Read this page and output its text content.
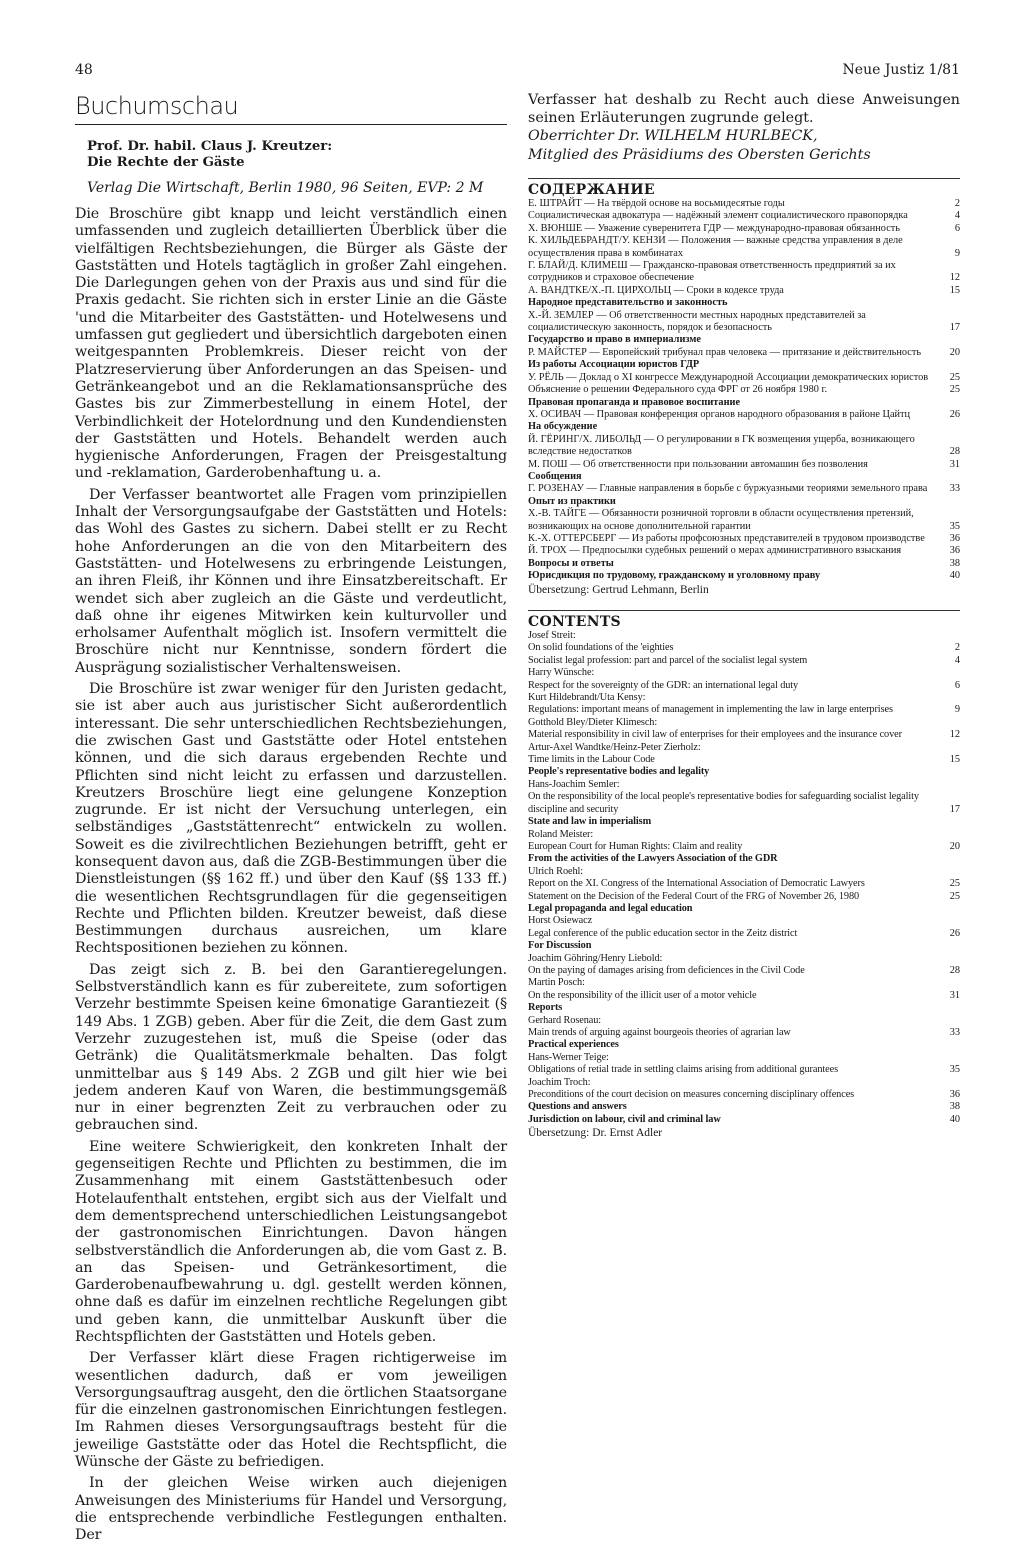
48	Neue Justiz 1/81
Buchumschau
Prof. Dr. habil. Claus J. Kreutzer:
Die Rechte der Gäste
Verlag Die Wirtschaft, Berlin 1980, 96 Seiten, EVP: 2 M

Die Broschüre gibt knapp und leicht verständlich einen umfassenden und zugleich detaillierten Überblick über die vielfältigen Rechtsbeziehungen, die Bürger als Gäste der Gaststätten und Hotels tagtäglich in großer Zahl eingehen. Die Darlegungen gehen von der Praxis aus und sind für die Praxis gedacht. Sie richten sich in erster Linie an die Gäste 'und die Mitarbeiter des Gaststätten- und Hotelwesens und umfassen gut gegliedert und übersichtlich dargeboten einen weitgespannten Problemkreis. Dieser reicht von der Platzreservierung über Anforderungen an das Speisen- und Getränkeangebot und an die Reklamationsansprüche des Gastes bis zur Zimmerbestellung in einem Hotel, der Verbindlichkeit der Hotelordnung und den Kundendiensten der Gaststätten und Hotels. Behandelt werden auch hygienische Anforderungen, Fragen der Preisgestaltung und -reklamation, Garderobenhaftung u. a.

Der Verfasser beantwortet alle Fragen vom prinzipiellen Inhalt der Versorgungsaufgabe der Gaststätten und Hotels: das Wohl des Gastes zu sichern. Dabei stellt er zu Recht hohe Anforderungen an die von den Mitarbeitern des Gaststätten- und Hotelwesens zu erbringende Leistungen, an ihren Fleiß, ihr Können und ihre Einsatzbereitschaft. Er wendet sich aber zugleich an die Gäste und verdeutlicht, daß ohne ihr eigenes Mitwirken kein kulturvoller und erholsamer Aufenthalt möglich ist. Insofern vermittelt die Broschüre nicht nur Kenntnisse, sondern fördert die Ausprägung sozialistischer Verhaltensweisen.

Die Broschüre ist zwar weniger für den Juristen gedacht, sie ist aber auch aus juristischer Sicht außerordentlich interessant. Die sehr unterschiedlichen Rechtsbeziehungen, die zwischen Gast und Gaststätte oder Hotel entstehen können, und die sich daraus ergebenden Rechte und Pflichten sind nicht leicht zu erfassen und darzustellen. Kreutzers Broschüre liegt eine gelungene Konzeption zugrunde. Er ist nicht der Versuchung unterlegen, ein selbständiges „Gaststättenrecht“ entwickeln zu wollen. Soweit es die zivilrechtlichen Beziehungen betrifft, geht er konsequent davon aus, daß die ZGB-Bestimmungen über die Dienstleistungen (§§ 162 ff.) und über den Kauf (§§ 133 ff.) die wesentlichen Rechtsgrundlagen für die gegenseitigen Rechte und Pflichten bilden. Kreutzer beweist, daß diese Bestimmungen durchaus ausreichen, um klare Rechtspositionen beziehen zu können.

Das zeigt sich z. B. bei den Garantieregelungen. Selbstverständlich kann es für zubereitete, zum sofortigen Verzehr bestimmte Speisen keine 6monatige Garantiezeit (§ 149 Abs. 1 ZGB) geben. Aber für die Zeit, die dem Gast zum Verzehr zuzugestehen ist, muß die Speise (oder das Getränk) die Qualitätsmerkmale behalten. Das folgt unmittelbar aus § 149 Abs. 2 ZGB und gilt hier wie bei jedem anderen Kauf von Waren, die bestimmungsgemäß nur in einer begrenzten Zeit zu verbrauchen oder zu gebrauchen sind.

Eine weitere Schwierigkeit, den konkreten Inhalt der gegenseitigen Rechte und Pflichten zu bestimmen, die im Zusammenhang mit einem Gaststättenbesuch oder Hotelaufenthalt entstehen, ergibt sich aus der Vielfalt und dem dementsprechend unterschiedlichen Leistungsangebot der gastronomischen Einrichtungen. Davon hängen selbstverständlich die Anforderungen ab, die vom Gast z. B. an das Speisen- und Getränkesortiment, die Garderobenaufbewahrung u. dgl. gestellt werden können, ohne daß es dafür im einzelnen rechtliche Regelungen gibt und geben kann, die unmittelbar Auskunft über die Rechtspflichten der Gaststätten und Hotels geben.

Der Verfasser klärt diese Fragen richtigerweise im wesentlichen dadurch, daß er vom jeweiligen Versorgungsauftrag ausgeht, den die örtlichen Staatsorgane für die einzelnen gastronomischen Einrichtungen festlegen. Im Rahmen dieses Versorgungsauftrags besteht für die jeweilige Gaststätte oder das Hotel die Rechtspflicht, die Wünsche der Gäste zu befriedigen.

In der gleichen Weise wirken auch diejenigen Anweisungen des Ministeriums für Handel und Versorgung, die entsprechende verbindliche Festlegungen enthalten. Der

Verfasser hat deshalb zu Recht auch diese Anweisungen seinen Erläuterungen zugrunde gelegt.

Oberrichter Dr. WILHELM HURLBECK,
Mitglied des Präsidiums des Obersten Gerichts
СОДЕРЖАНИЕ
Е. ШТРАЙТ — На твёрдой основе на восьмидесятые годы	2
Социалистическая адвокатура — надёжный элемент социалистического правопорядка	4
Х. ВЮНШЕ — Уважение суверенитета ГДР — международно-правовая обязанность	6
К. ХИЛЬДЕБРАНДТ/У. КЕНЗИ — Положения — важные средства управления в деле осуществления права в комбинатах	9
Г. БЛАЙ/Д. КЛИМЕШ — Гражданско-правовая ответственность предприятий за их сотрудников и страховое обеспечение	12
А. ВАНДТКЕ/Х.-П. ЦИРХОЛЬЦ — Сроки в кодексе труда	15
Народное представительство и законность
Х.-Й. ЗЕМЛЕР — Об ответственности местных народных представителей за социалистическую законность, порядок и безопасность	17
Государство и право в империализме
Р. МАЙСТЕР — Европейский трибунал прав человека — притязание и действительность	20
Из работы Ассоциации юристов ГДР
У. РЁЛЬ — Доклад о XI конгрессе Международной Ассоциации демократических юристов	25
Объяснение о решении Федерального суда ФРГ от 26 ноября 1980 г.	25
Правовая пропаганда и правовое воспитание
Х. ОСИВАЧ — Правовая конференция органов народного образования в районе Цайтц	26
На обсуждение
Й. ГЁРИНГ/Х. ЛИБОЛЬД — О регулировании в ГК возмещения ущерба, возникающего вследствие недостатков	28
М. ПОШ — Об ответственности при пользовании автомашин без позволения	31
Сообщения
Г. РОЗЕНАУ — Главные направления в борьбе с буржуазными теориями земельного права	33
Опыт из практики
Х.-В. ТАЙГЕ — Обязанности розничной торговли в области осуществления претензий, возникающих на основе дополнительной гарантии	35
К.-Х. ОТТЕРСБЕРГ — Из работы профсоюзных представителей в трудовом производстве	36
Й. ТРОХ — Предпосылки судебных решений о мерах административного взыскания	36
Вопросы и ответы	38
Юрисдикция по трудовому, гражданскому и уголовному праву	40
Übersetzung: Gertrud Lehmann, Berlin
CONTENTS
Josef Streit:
On solid foundations of the 'eighties	2
Socialist legal profession: part and parcel of the socialist legal system	4
Harry Wünsche:
Respect for the sovereignty of the GDR: an international legal duty	6
Kurt Hildebrandt/Uta Kensy:
Regulations: important means of management in implementing the law in large enterprises	9
Gotthold Bley/Dieter Klimesch:
Material responsibility in civil law of enterprises for their employees and the insurance cover	12
Artur-Axel Wandtke/Heinz-Peter Zierholz:
Time limits in the Labour Code	15
People's representative bodies and legality
Hans-Joachim Semler:
On the responsibility of the local people's representative bodies for safeguarding socialist legality discipline and security	17
State and law in imperialism
Roland Meister:
European Court for Human Rights: Claim and reality	20
From the activities of the Lawyers Association of the GDR
Ulrich Roehl:
Report on the XI. Congress of the International Association of Democratic Lawyers	25
Statement on the Decision of the Federal Court of the FRG of November 26, 1980	25
Legal propaganda and legal education
Horst Osiewacz
Legal conference of the public education sector in the Zeitz district	26
For Discussion
Joachim Göhring/Henry Liebold:
On the paying of damages arising from deficiences in the Civil Code	28
Martin Posch:
On the responsibility of the illicit user of a motor vehicle	31
Reports
Gerhard Rosenau:
Main trends of arguing against bourgeois theories of agrarian law	33
Practical experiences
Hans-Werner Teige:
Obligations of retial trade in settling claims arising from additional gurantees	35
Joachim Troch:
Preconditions of the court decision on measures concerning disciplinary offences	36
Questions and answers	38
Jurisdiction on labour, civil and criminal law	40
Übersetzung: Dr. Ernst Adler
